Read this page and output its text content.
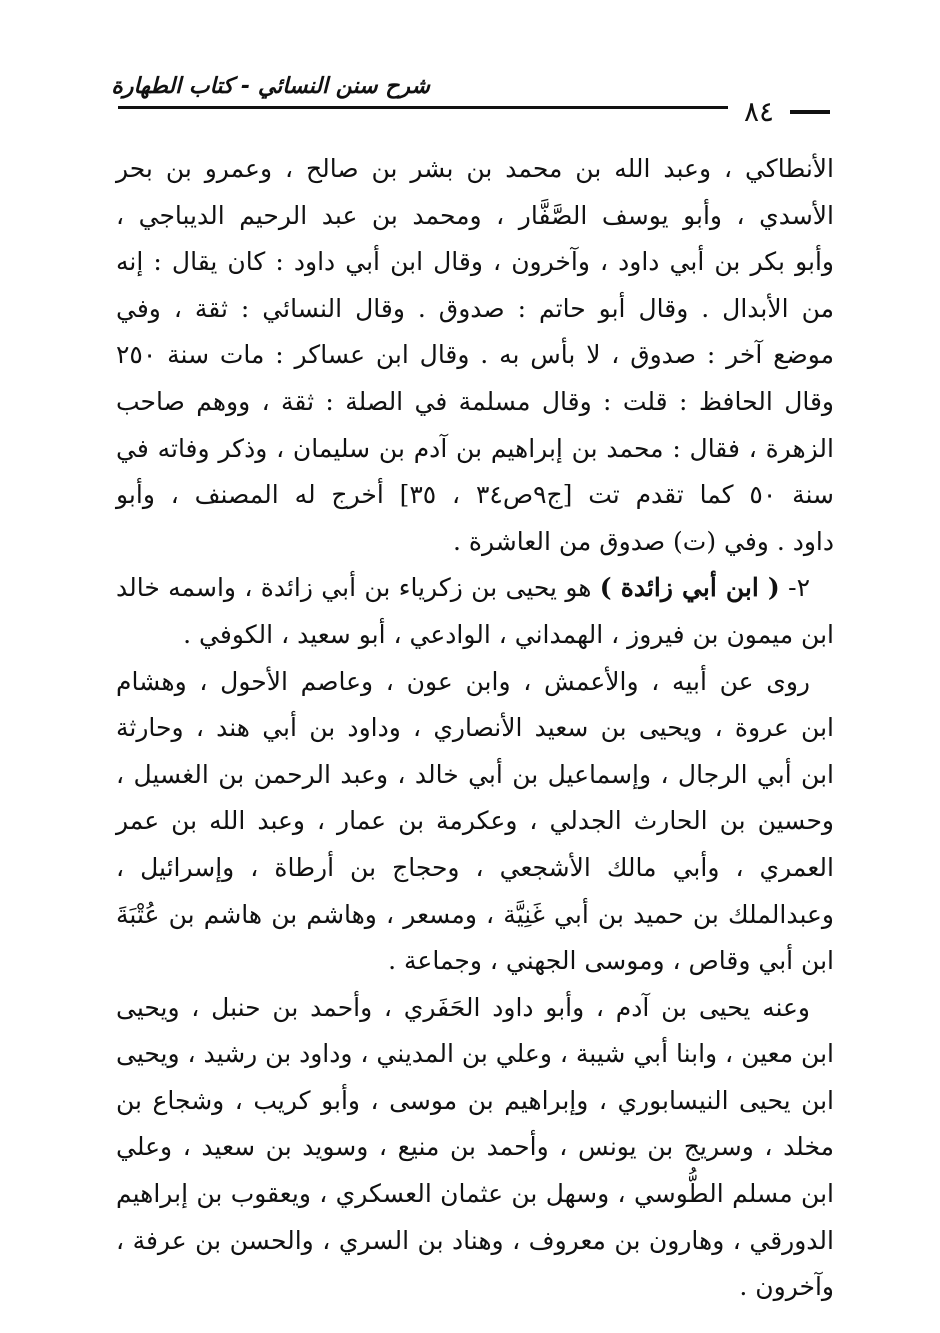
شرح سنن النسائي - كتاب الطهارة
٨٤
الأنطاكي ، وعبد الله بن محمد بن بشر بن صالح ، وعمرو بن بحر
الأسدي ، وأبو يوسف الصَّفَّار ، ومحمد بن عبد الرحيم الديباجي ،
وأبو بكر بن أبي داود ، وآخرون ، وقال ابن أبي داود : كان يقال : إنه
من الأبدال . وقال أبو حاتم : صدوق . وقال النسائي : ثقة ، وفي
موضع آخر : صدوق ، لا بأس به . وقال ابن عساكر : مات سنة ٢٥٠
وقال الحافظ : قلت : وقال مسلمة في الصلة : ثقة ، ووهم صاحب
الزهرة ، فقال : محمد بن إبراهيم بن آدم بن سليمان ، وذكر وفاته في
سنة ٥٠ كما تقدم تت [ج٩ص٣٤ ، ٣٥] أخرج له المصنف ، وأبو
داود . وفي (ت) صدوق من العاشرة .
٢- ( ابن أبي زائدة ) هو يحيى بن زكرياء بن أبي زائدة ، واسمه خالد
ابن ميمون بن فيروز ، الهمداني ، الوادعي ، أبو سعيد ، الكوفي .
روى عن أبيه ، والأعمش ، وابن عون ، وعاصم الأحول ، وهشام
ابن عروة ، ويحيى بن سعيد الأنصاري ، وداود بن أبي هند ، وحارثة
ابن أبي الرجال ، وإسماعيل بن أبي خالد ، وعبد الرحمن بن الغسيل ،
وحسين بن الحارث الجدلي ، وعكرمة بن عمار ، وعبد الله بن عمر
العمري ، وأبي مالك الأشجعي ، وحجاج بن أرطاة ، وإسرائيل ،
وعبدالملك بن حميد بن أبي غَنِيَّة ، ومسعر ، وهاشم بن هاشم بن عُتْبَةَ
ابن أبي وقاص ، وموسى الجهني ، وجماعة .
وعنه يحيى بن آدم ، وأبو داود الحَفَري ، وأحمد بن حنبل ، ويحيى
ابن معين ، وابنا أبي شيبة ، وعلي بن المديني ، وداود بن رشيد ، ويحيى
ابن يحيى النيسابوري ، وإبراهيم بن موسى ، وأبو كريب ، وشجاع بن
مخلد ، وسريج بن يونس ، وأحمد بن منيع ، وسويد بن سعيد ، وعلي
ابن مسلم الطُّوسي ، وسهل بن عثمان العسكري ، ويعقوب بن إبراهيم
الدورقي ، وهارون بن معروف ، وهناد بن السري ، والحسن بن عرفة ،
وآخرون .
